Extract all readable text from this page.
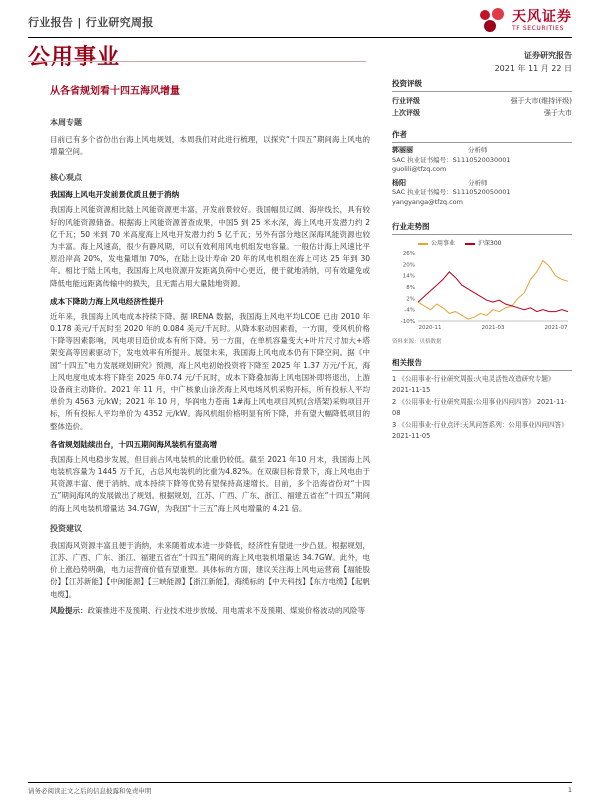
行业报告 | 行业研究周报	天风证券
TF SECURITIES
公用事业	证券研究报告
2021 年 11 月 22 日
从各省规划看十四五海风增量
本周专题

目前已有多个省份出台海上风电规划，本周我们对此进行梳理，以探究“十四五”期间海上风电的增量空间。

核心观点
我国海上风电开发前景优质且便于消纳

我国海上风能资源相比陆上风能资源更丰富，开发前景较好。我国幅员辽阔、海岸线长，具有较好的风能资源储备。根据海上风能资源普查成果，中国5 到 25 米水深，海上风电开发潜力约 2 亿千瓦；50 米到 70 米高度海上风电开发潜力约 5 亿千瓦；另外有部分地区深海风能资源也较为丰富。海上风速高，很少有静风期，可以有效利用风电机组发电容量。一般估计海上风速比平原沿岸高 20%，发电量增加 70%，在陆上设计寿命 20 年的风电机组在海上可达 25 年到 30 年。相比于陆上风电，我国海上风电资源开发距离负荷中心更近，便于就地消纳，可有效避免或降低电能远距离传输中的损失，且无需占用大量陆地资源。

成本下降助力海上风电经济性提升

近年来，我国海上风电成本持续下降。据 IRENA 数据，我国海上风电平均LCOE 已由 2010 年 0.178 美元/千瓦时至 2020 年的 0.084 美元/千瓦时。从降本驱动因素看，一方面，受风机价格下降等因素影响，风电项目造价成本有所下降。另一方面，在单机容量变大+叶片尺寸加大+塔架变高等因素驱动下，发电效率有所提升。展望未来，我国海上风电成本仍有下降空间。据《中国“十四五”电力发展规划研究》预测，海上风电初始投资将下降至 2025 年 1.37 万元/千瓦，海上风电度电成本将下降至 2025 年0.74 元/千瓦时，成本下降叠加海上风电国补即将退出，上游设备商主动降价。2021 年 11 月，中广核象山涂茨海上风电场风机采购开标，所有投标人平均单价为 4563 元/kW；2021 年 10 月，华润电力苍南 1#海上风电项目风机(含塔架)采购项目开标，所有投标人平均单价为 4352 元/kW。海风机组价格明显有所下降，并有望大幅降低项目的整体造价。

各省规划陆续出台，十四五期间海风装机有望高增

我国海上风电稳步发展，但目前占风电装机的比重仍较低。截至 2021 年10 月末，我国海上风电装机容量为 1445 万千瓦，占总风电装机的比重为4.82%。在双碳目标背景下，海上风电由于其资源丰富、便于消纳、成本持续下降等优势有望保持高速增长。目前，多个沿海省份对“十四五”期间海风的发展做出了规划。根据规划，江苏、广西、广东、浙江、福建五省在“十四五”期间的海上风电装机增量达 34.7GW，为我国“十三五”海上风电增量的 4.21 倍。

投资建议

我国海风资源丰富且便于消纳，未来随着成本进一步降低，经济性有望进一步凸显。根据规划，江苏、广西、广东、浙江、福建五省在“十四五”期间的海上风电装机增量达 34.7GW。此外，电价上涨趋势明确，电力运营商价值有望重塑。具体标的方面，建议关注海上风电运营商【福能股份】【江苏新能】【中闽能源】【三峡能源】【浙江新能】，海缆标的【中天科技】【东方电缆】【起帆电缆】。

风险提示：政策推进不及预期、行业技术进步放缓、用电需求不及预期、煤炭价格波动的风险等

投资评级
行业评级	强于大市(维持评级)
上次评级	强于大市
作者
郭丽丽	分析师
SAC 执业证书编号：S1110520030001
guolili@tfzq.com
杨阳	分析师
SAC 执业证书编号：S1110520050001
yangyanga@tfzq.com
行业走势图
公用事业	沪深300
-10%
-4%
2%
8%
14%
20%
26%
2020-11	2021-03	2021-07
资料来源：贝格数据
相关报告
1 《公用事业-行业研究周报:火电灵活性改造研究专题》 2021-11-15
2 《公用事业-行业研究周报:公用事业四问四答》 2021-11-08
3 《公用事业-行业点评:天风问答系列：公用事业四问四答》 2021-11-05
请务必阅读正文之后的信息披露和免责申明	1
